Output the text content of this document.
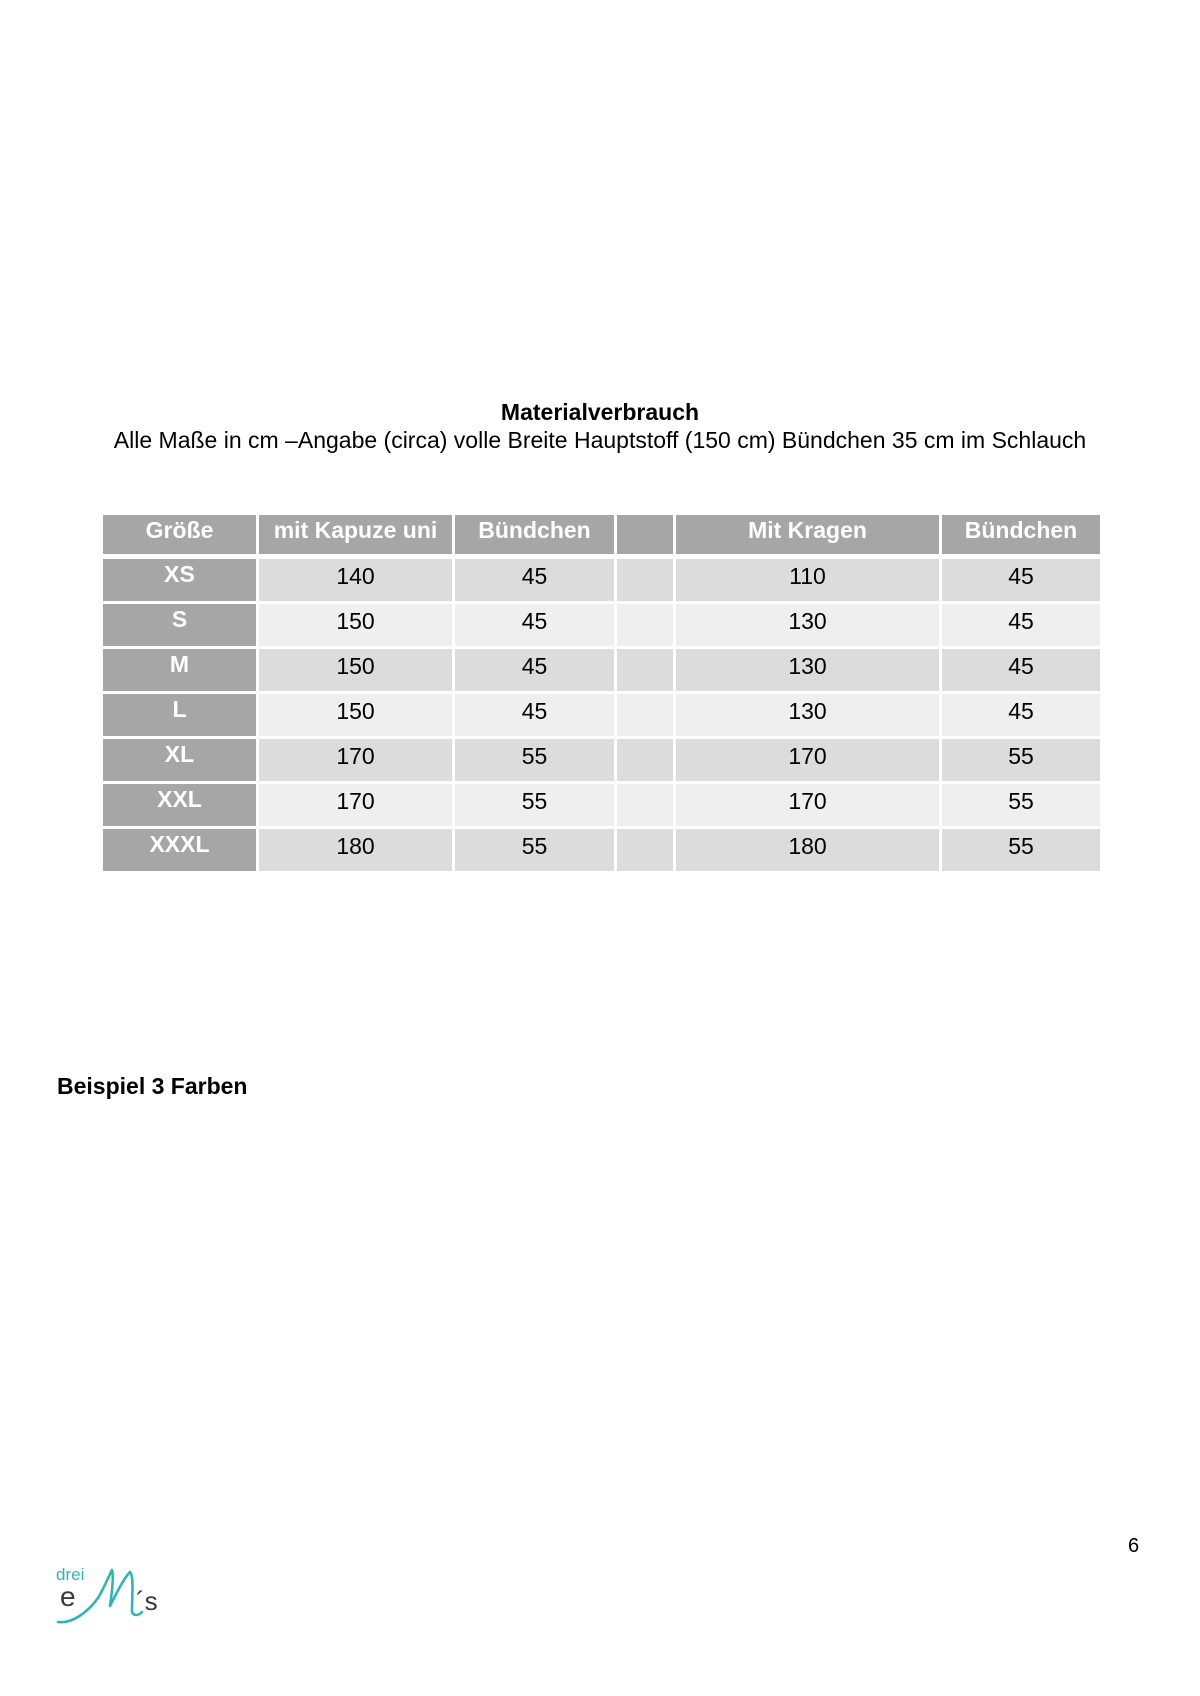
Materialverbrauch
Alle Maße in cm –Angabe (circa) volle Breite Hauptstoff (150 cm) Bündchen 35 cm im Schlauch
Größe	mit Kapuze uni	Bündchen		Mit Kragen	Bündchen
XS	140	45		110	45
S	150	45		130	45
M	150	45		130	45
L	150	45		130	45
XL	170	55		170	55
XXL	170	55		170	55
XXXL	180	55		180	55
Beispiel 3 Farben
6
drei
e ´s
